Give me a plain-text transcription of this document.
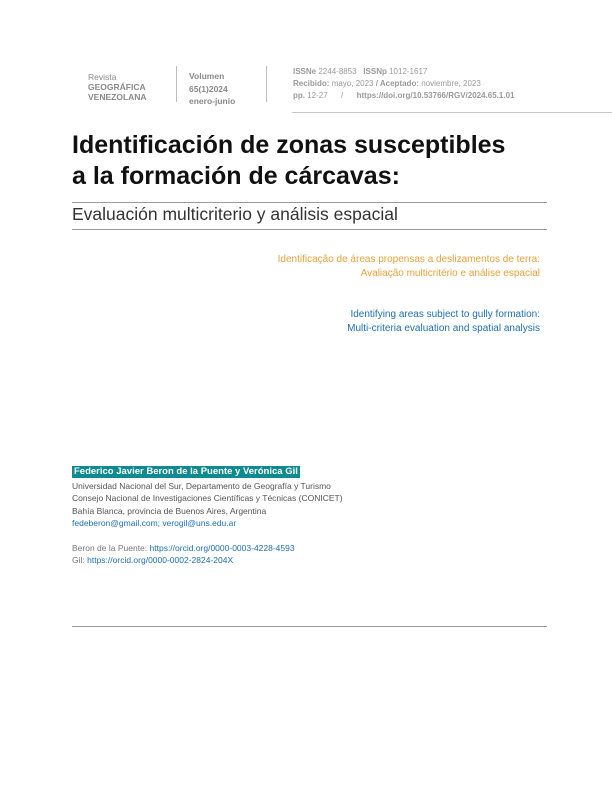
Revista
GEOGRÁFICA
VENEZOLANA
Volumen
65(1)2024
enero-junio
ISSNe 2244-8853 ISSNp 1012-1617
Recibido: mayo, 2023 / Aceptado: noviembre, 2023
pp. 12-27 / https://doi.org/10.53766/RGV/2024.65.1.01
Identificación de zonas susceptibles
a la formación de cárcavas:
Evaluación multicriterio y análisis espacial
Identificação de áreas propensas a deslizamentos de terra:
Avaliação multicritério e análise espacial
Identifying areas subject to gully formation:
Multi-criteria evaluation and spatial analysis
Federico Javier Beron de la Puente y Verónica Gil
Universidad Nacional del Sur, Departamento de Geografía y Turismo
Consejo Nacional de Investigaciones Científicas y Técnicas (CONICET)
Bahía Blanca, provincia de Buenos Aires, Argentina
fedeberon@gmail.com; verogil@uns.edu.ar
Beron de la Puente: https://orcid.org/0000-0003-4228-4593
Gil: https://orcid.org/0000-0002-2824-204X
